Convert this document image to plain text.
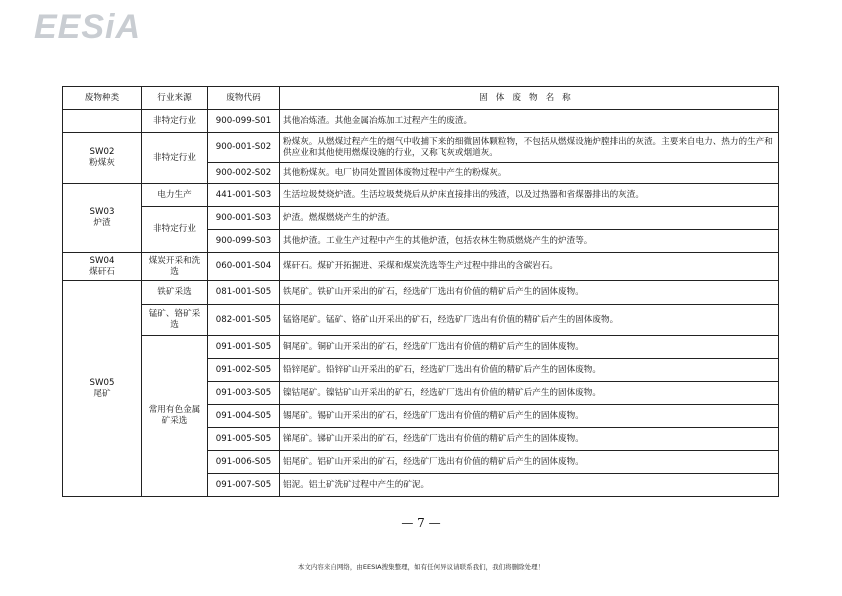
EESiA
废物种类	行业来源	废物代码	固体废物名称
	非特定行业	900-099-S01	其他冶炼渣。其他金属冶炼加工过程产生的废渣。
SW02
粉煤灰	非特定行业	900-001-S02	粉煤灰。从燃煤过程产生的烟气中收捕下来的细微固体颗粒物，不包括从燃煤设施炉膛排出的灰渣。主要来自电力、热力的生产和供应业和其他使用燃煤设施的行业，又称飞灰或烟道灰。
		900-002-S02	其他粉煤灰。电厂协同处置固体废物过程中产生的粉煤灰。
SW03
炉渣	电力生产	441-001-S03	生活垃圾焚烧炉渣。生活垃圾焚烧后从炉床直接排出的残渣，以及过热器和省煤器排出的灰渣。
	非特定行业	900-001-S03	炉渣。燃煤燃烧产生的炉渣。
		900-099-S03	其他炉渣。工业生产过程中产生的其他炉渣，包括农林生物质燃烧产生的炉渣等。
SW04
煤矸石	煤炭开采和洗选	060-001-S04	煤矸石。煤矿开拓掘进、采煤和煤炭洗选等生产过程中排出的含碳岩石。
SW05
尾矿	铁矿采选	081-001-S05	铁尾矿。铁矿山开采出的矿石，经选矿厂选出有价值的精矿后产生的固体废物。
	锰矿、铬矿采选	082-001-S05	锰铬尾矿。锰矿、铬矿山开采出的矿石，经选矿厂选出有价值的精矿后产生的固体废物。
	常用有色金属矿采选	091-001-S05	铜尾矿。铜矿山开采出的矿石，经选矿厂选出有价值的精矿后产生的固体废物。
		091-002-S05	铅锌尾矿。铅锌矿山开采出的矿石，经选矿厂选出有价值的精矿后产生的固体废物。
		091-003-S05	镍钴尾矿。镍钴矿山开采出的矿石，经选矿厂选出有价值的精矿后产生的固体废物。
		091-004-S05	锡尾矿。锡矿山开采出的矿石，经选矿厂选出有价值的精矿后产生的固体废物。
		091-005-S05	锑尾矿。锑矿山开采出的矿石，经选矿厂选出有价值的精矿后产生的固体废物。
		091-006-S05	铝尾矿。铝矿山开采出的矿石，经选矿厂选出有价值的精矿后产生的固体废物。
		091-007-S05	铝泥。铝土矿洗矿过程中产生的矿泥。
— 7 —
本文内容来自网络，由EESIA搜集整理，如有任何异议请联系我们，我们将删除处理！
